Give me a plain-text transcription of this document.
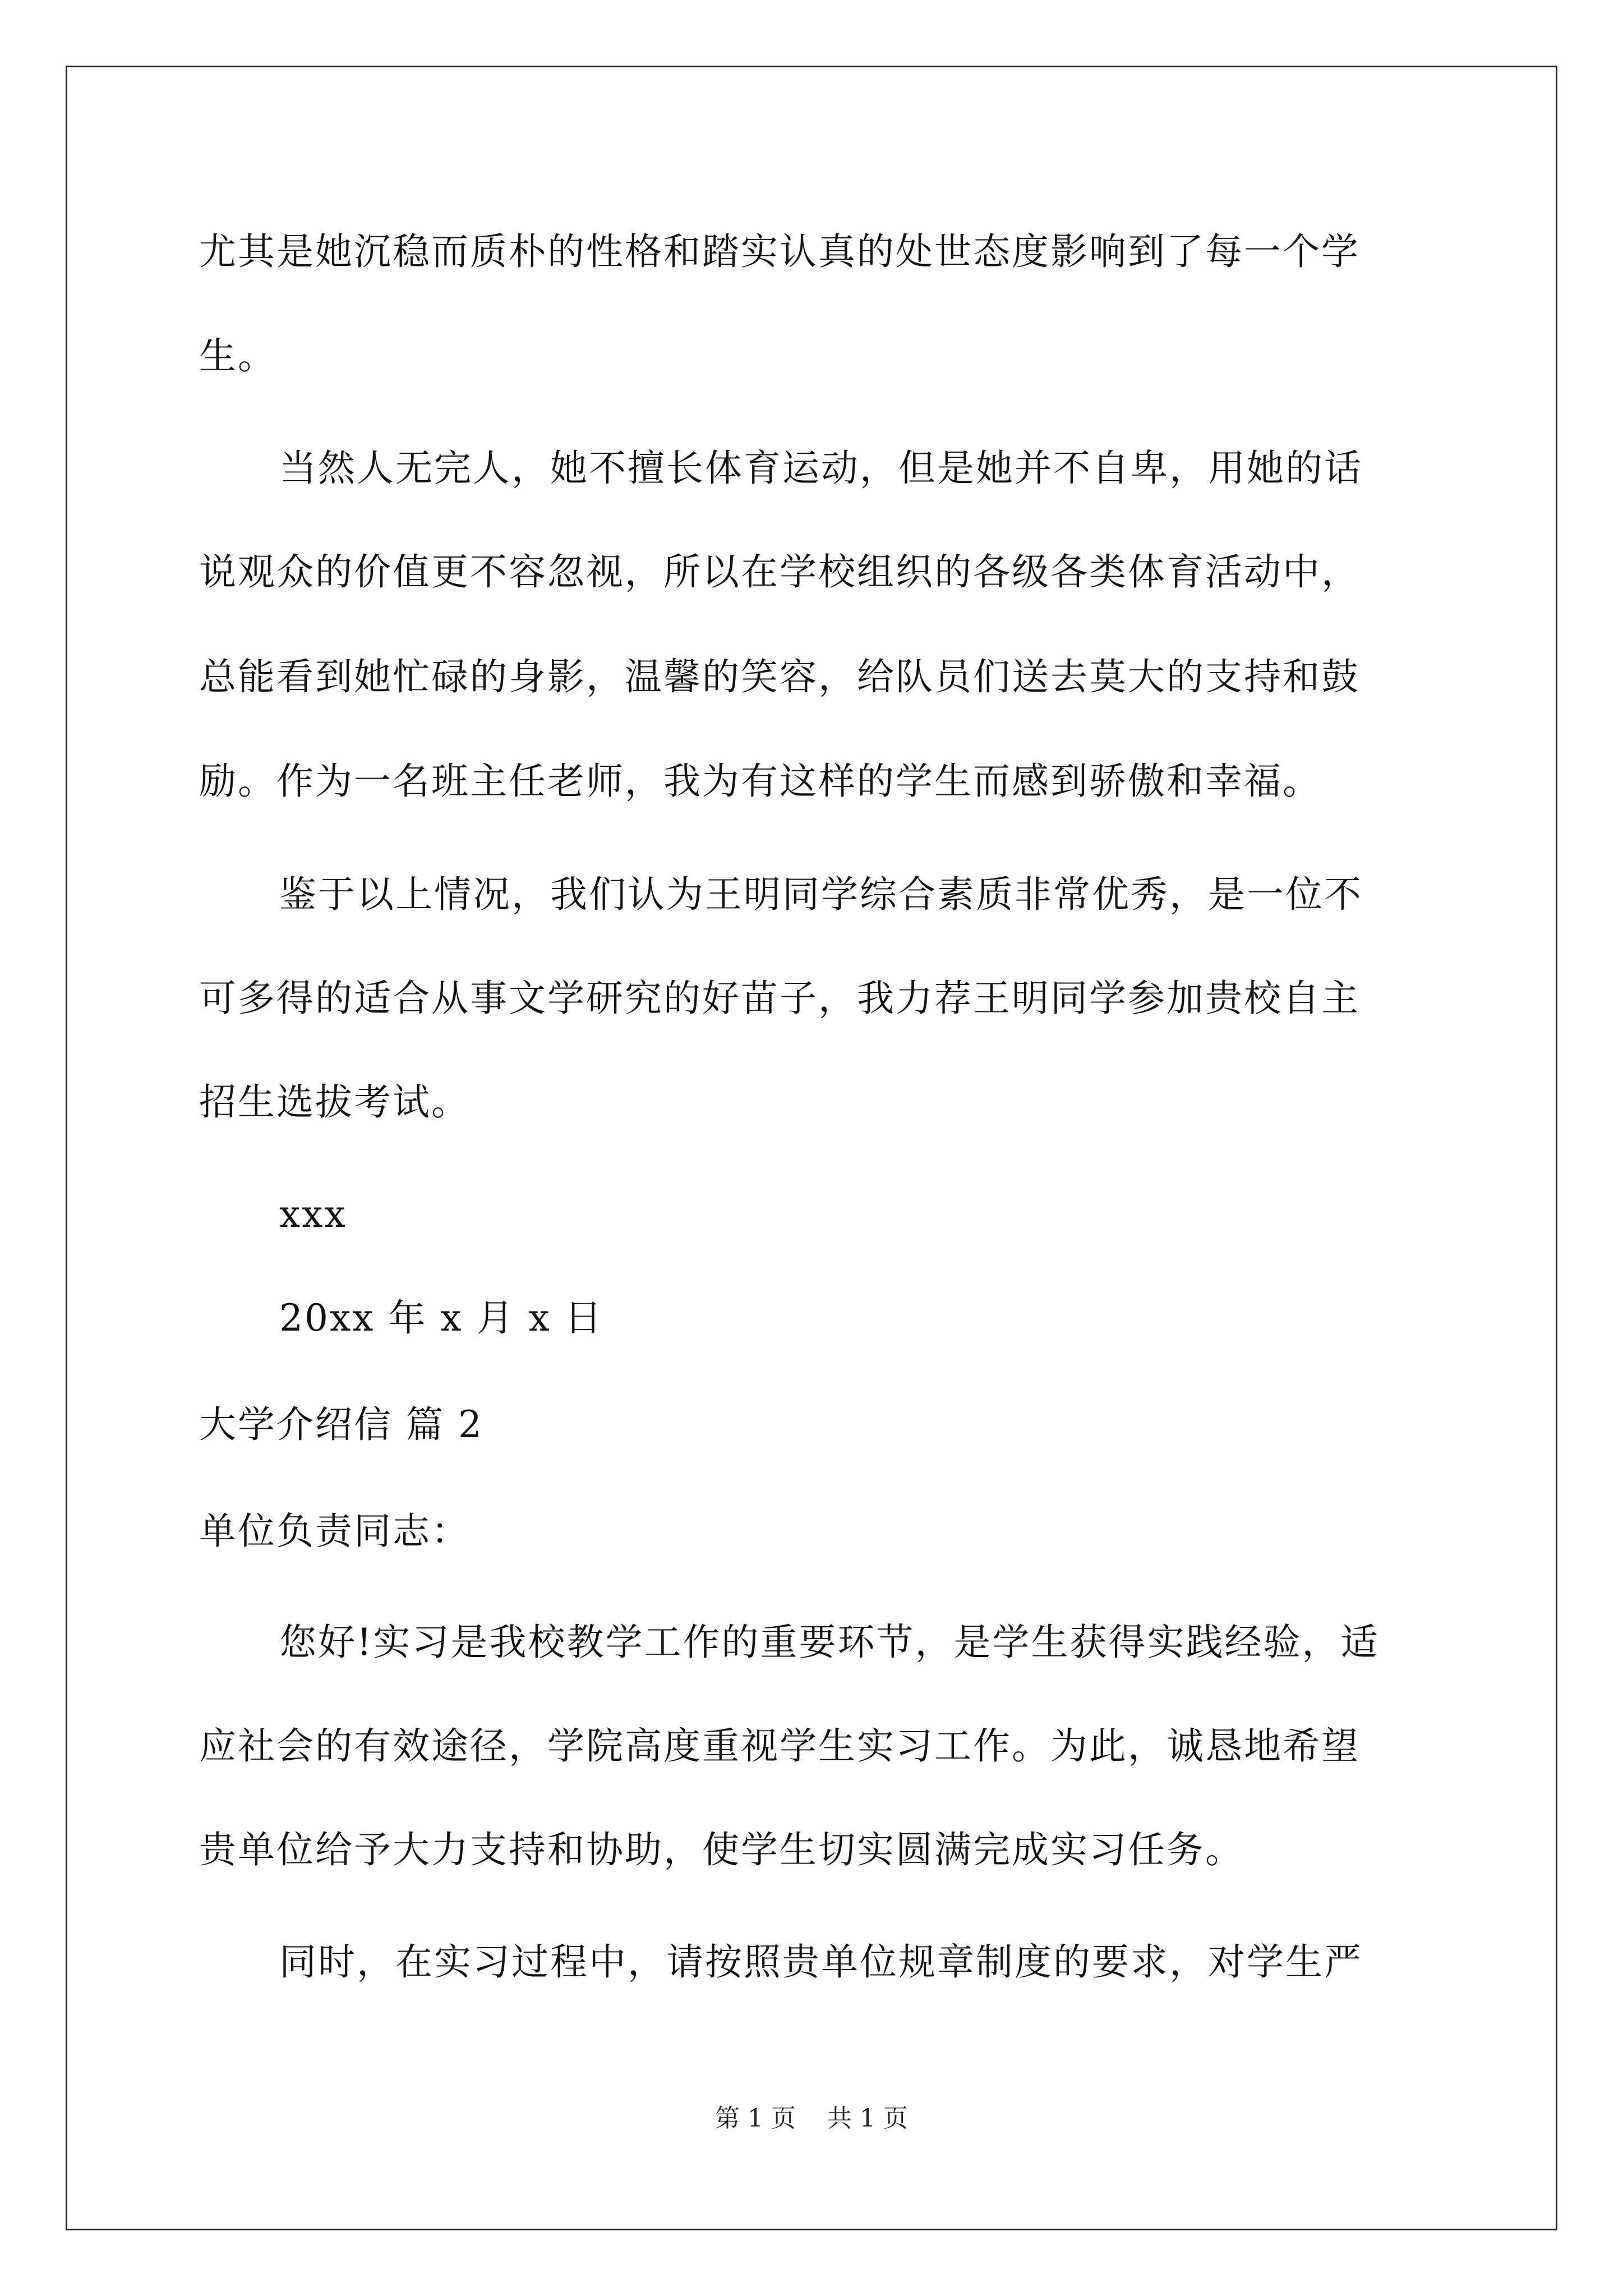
尤其是她沉稳而质朴的性格和踏实认真的处世态度影响到了每一个学
生。
当然人无完人，她不擅长体育运动，但是她并不自卑，用她的话
说观众的价值更不容忽视，所以在学校组织的各级各类体育活动中，
总能看到她忙碌的身影，温馨的笑容，给队员们送去莫大的支持和鼓
励。作为一名班主任老师，我为有这样的学生而感到骄傲和幸福。
鉴于以上情况，我们认为王明同学综合素质非常优秀，是一位不
可多得的适合从事文学研究的好苗子，我力荐王明同学参加贵校自主
招生选拔考试。
xxx
20xx 年 x 月 x 日
大学介绍信 篇 2
单位负责同志：
您好!实习是我校教学工作的重要环节，是学生获得实践经验，适
应社会的有效途径，学院高度重视学生实习工作。为此，诚恳地希望
贵单位给予大力支持和协助，使学生切实圆满完成实习任务。
同时，在实习过程中，请按照贵单位规章制度的要求，对学生严
第 1 页 共 1 页
